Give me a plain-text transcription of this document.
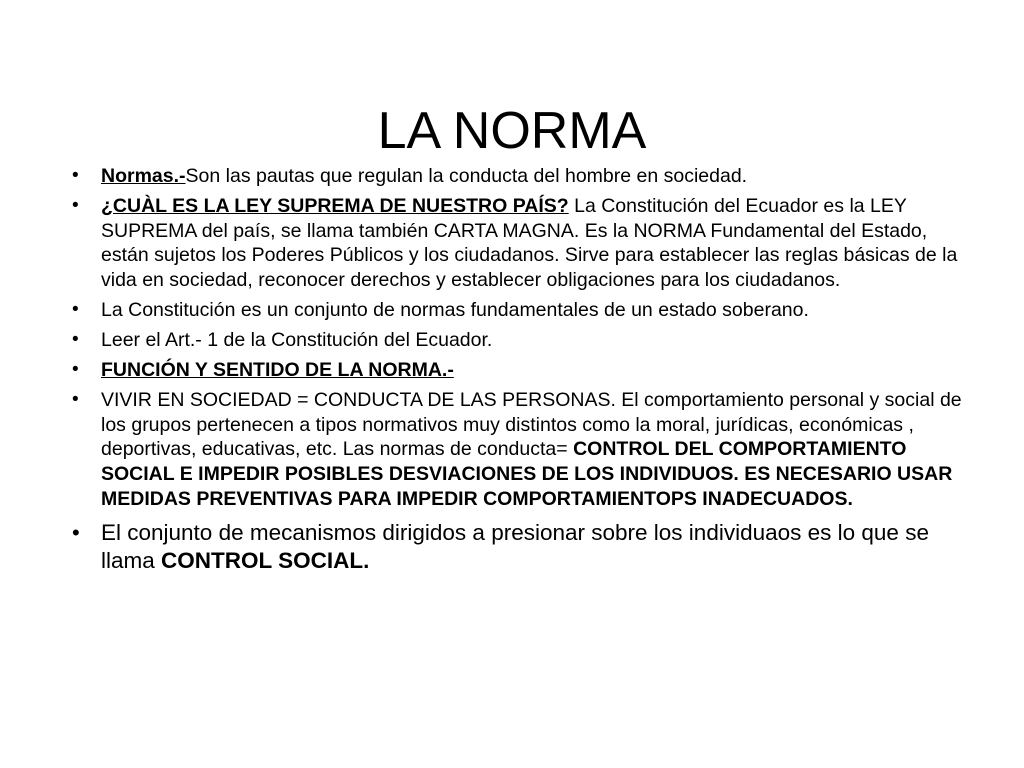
LA NORMA
• Normas.-Son las pautas que regulan la conducta del hombre en sociedad.
• ¿CUÀL ES LA LEY SUPREMA DE NUESTRO PAÍS? La Constitución del Ecuador es la LEY SUPREMA del país, se llama también CARTA MAGNA. Es la NORMA Fundamental del Estado, están sujetos los Poderes Públicos y los ciudadanos. Sirve para establecer las reglas básicas de la vida en sociedad, reconocer derechos y establecer obligaciones para los ciudadanos.
• La Constitución es un conjunto de normas fundamentales de un estado soberano.
• Leer el Art.- 1 de la Constitución del Ecuador.
• FUNCIÓN Y SENTIDO DE LA NORMA.-
• VIVIR EN SOCIEDAD = CONDUCTA DE LAS PERSONAS. El comportamiento personal y social de los grupos pertenecen a tipos normativos muy distintos como la moral, jurídicas, económicas , deportivas, educativas, etc. Las normas de conducta= CONTROL DEL COMPORTAMIENTO SOCIAL E IMPEDIR POSIBLES DESVIACIONES DE LOS INDIVIDUOS. ES NECESARIO USAR MEDIDAS PREVENTIVAS PARA IMPEDIR COMPORTAMIENTOPS INADECUADOS.
• El conjunto de mecanismos dirigidos a presionar sobre los individuaos es lo que se llama CONTROL SOCIAL.
